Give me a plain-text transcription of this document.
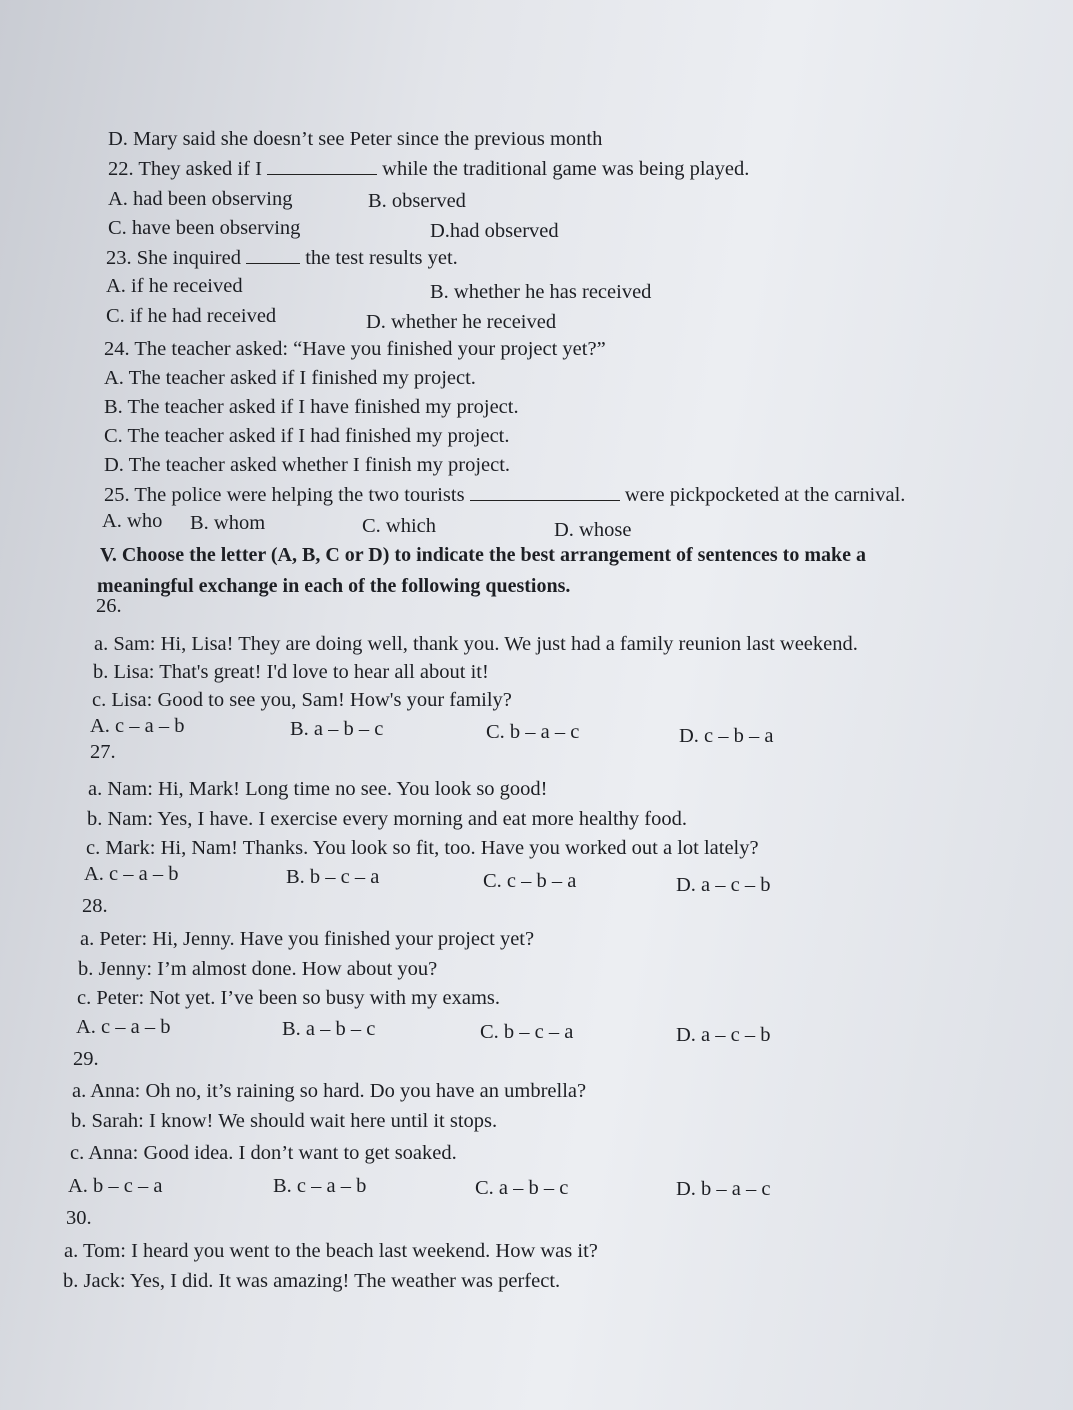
D. Mary said she doesn’t see Peter since the previous month
22. They asked if I	while the traditional game was being played.
A. had been observing	B. observed
C. have been observing	D.had observed
23. She inquired	the test results yet.
A. if he received	B. whether he has received
C. if he had received	D. whether he received
24. The teacher asked: “Have you finished your project yet?”
A. The teacher asked if I finished my project.
B. The teacher asked if I have finished my project.
C. The teacher asked if I had finished my project.
D. The teacher asked whether I finish my project.
25. The police were helping the two tourists	were pickpocketed at the carnival.
A. who B. whom	C. which	D. whose
V. Choose the letter (A, B, C or D) to indicate the best arrangement of sentences to make a
meaningful exchange in each of the following questions.
26.
a. Sam: Hi, Lisa! They are doing well, thank you. We just had a family reunion last weekend.
b. Lisa: That's great! I'd love to hear all about it!
c. Lisa: Good to see you, Sam! How's your family?
A. c – a – b	B. a – b – c	C. b – a – c	D. c – b – a
27.
a. Nam: Hi, Mark! Long time no see. You look so good!
b. Nam: Yes, I have. I exercise every morning and eat more healthy food.
c. Mark: Hi, Nam! Thanks. You look so fit, too. Have you worked out a lot lately?
A. c – a – b	B. b – c – a	C. c – b – a	D. a – c – b
28.
a. Peter: Hi, Jenny. Have you finished your project yet?
b. Jenny: I’m almost done. How about you?
c. Peter: Not yet. I’ve been so busy with my exams.
A. c – a – b	B. a – b – c	C. b – c – a	D. a – c – b
29.
a. Anna: Oh no, it’s raining so hard. Do you have an umbrella?
b. Sarah: I know! We should wait here until it stops.
c. Anna: Good idea. I don’t want to get soaked.
A. b – c – a	B. c – a – b	C. a – b – c	D. b – a – c
30.
a. Tom: I heard you went to the beach last weekend. How was it?
b. Jack: Yes, I did. It was amazing! The weather was perfect.
